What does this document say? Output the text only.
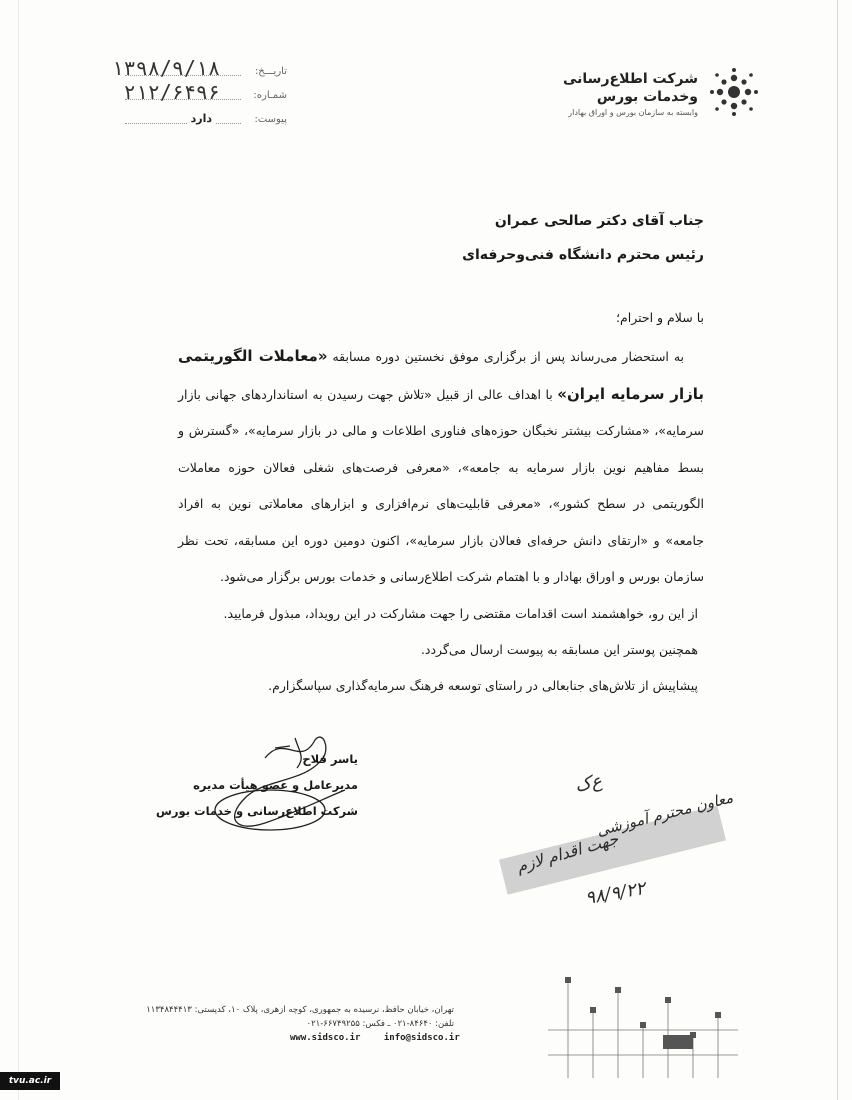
تاریـــخ:
۱۳۹۸/۹/۱۸
شمـاره:
۲۱۲/۶۴۹۶
پیوست:
دارد
شرکت اطلاع‌رسانی
وخدمات بورس
وابسته به سازمان بورس و اوراق بهادار
جناب آقای دکتر صالحی عمران
رئیس محترم دانشگاه فنی‌وحرفه‌ای
با سلام و احترام؛
به استحضار می‌رساند پس از برگزاری موفق نخستین دوره مسابقه «معاملات الگوریتمی بازار سرمایه ایران» با اهداف عالی از قبیل «تلاش جهت رسیدن به استانداردهای جهانی بازار سرمایه»، «مشارکت بیشتر نخبگان حوزه‌های فناوری اطلاعات و مالی در بازار سرمایه»، «گسترش و بسط مفاهیم نوین بازار سرمایه به جامعه»، «معرفی فرصت‌های شغلی فعالان حوزه معاملات الگوریتمی در سطح کشور»، «معرفی قابلیت‌های نرم‌افزاری و ابزارهای معاملاتی نوین به افراد جامعه» و «ارتقای دانش حرفه‌ای فعالان بازار سرمایه»، اکنون دومین دوره این مسابقه، تحت نظر سازمان بورس و اوراق بهادار و با اهتمام شرکت اطلاع‌رسانی و خدمات بورس برگزار می‌شود.
از این رو، خواهشمند است اقدامات مقتضی را جهت مشارکت در این رویداد، مبذول فرمایید.
همچنین پوستر این مسابقه به پیوست ارسال می‌گردد.
پیشاپیش از تلاش‌های جنابعالی در راستای توسعه فرهنگ سرمایه‌گذاری سپاسگزارم.
یاسر فلاح
مدیرعامل و عضو هیأت مدیره
شرکت اطلاع‌رسانی و خدمات بورس
ع‌ک
معاون محترم آموزشی
جهت اقدام لازم
۹۸/۹/۲۲
تهران، خیابان حافظ، نرسیده به جمهوری، کوچه ازهری، پلاک ۱۰، کدپستی: ۱۱۳۴۸۴۴۴۱۳
تلفن: ۸۴۶۴۰-۰۲۱ ـ فکس: ۶۶۷۴۹۲۵۵-۰۲۱
www.sidsco.ir	info@sidsco.ir
tvu.ac.ir
